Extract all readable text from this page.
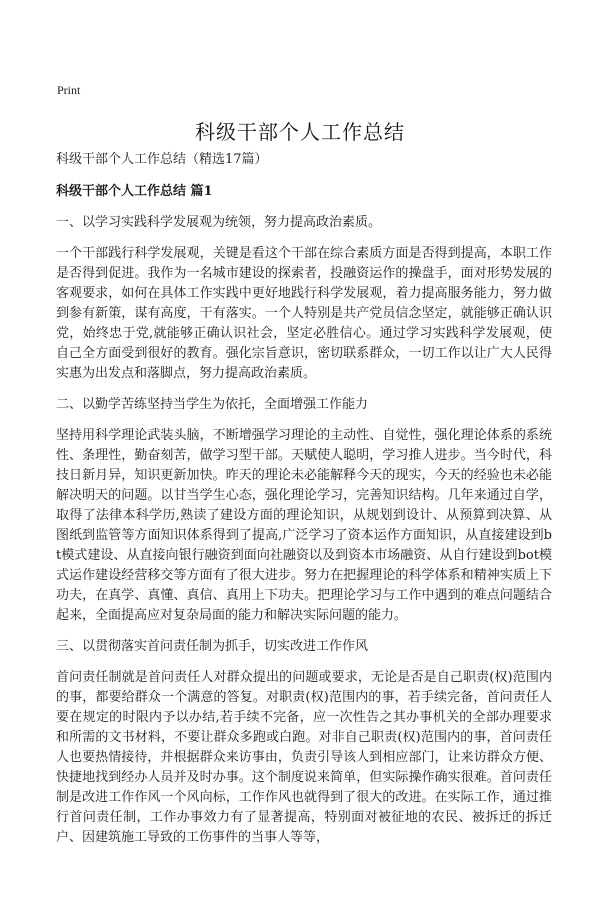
Print
科级干部个人工作总结

科级干部个人工作总结（精选17篇）

科级干部个人工作总结 篇1

一、以学习实践科学发展观为统领，努力提高政治素质。

一个干部践行科学发展观，关键是看这个干部在综合素质方面是否得到提高，本职工作是否得到促进。我作为一名城市建设的探索者，投融资运作的操盘手，面对形势发展的客观要求，如何在具体工作实践中更好地践行科学发展观，着力提高服务能力，努力做到参有新策，谋有高度，干有落实。一个人特别是共产党员信念坚定，就能够正确认识党，始终忠于党,就能够正确认识社会，坚定必胜信心。通过学习实践科学发展观，使自己全方面受到很好的教育。强化宗旨意识，密切联系群众，一切工作以让广大人民得实惠为出发点和落脚点，努力提高政治素质。

二、以勤学苦练坚持当学生为依托，全面增强工作能力

坚持用科学理论武装头脑，不断增强学习理论的主动性、自觉性，强化理论体系的系统性、条理性，勤奋刻苦，做学习型干部。天赋使人聪明，学习推人进步。当今时代，科技日新月异，知识更新加快。昨天的理论未必能解释今天的现实，今天的经验也未必能解决明天的问题。以甘当学生心态，强化理论学习，完善知识结构。几年来通过自学，取得了法律本科学历,熟读了建设方面的理论知识，从规划到设计、从预算到决算、从图纸到监管等方面知识体系得到了提高,广泛学习了资本运作方面知识，从直接建设到bt模式建设、从直接向银行融资到面向社融资以及到资本市场融资、从自行建设到bot模式运作建设经营移交等方面有了很大进步。努力在把握理论的科学体系和精神实质上下功夫，在真学、真懂、真信、真用上下功夫。把理论学习与工作中遇到的难点问题结合起来，全面提高应对复杂局面的能力和解决实际问题的能力。

三、以贯彻落实首问责任制为抓手，切实改进工作作风

首问责任制就是首问责任人对群众提出的问题或要求，无论是否是自己职责(权)范围内的事，都要给群众一个满意的答复。对职责(权)范围内的事，若手续完备，首问责任人要在规定的时限内予以办结,若手续不完备，应一次性告之其办事机关的全部办理要求和所需的文书材料，不要让群众多跑或白跑。对非自己职责(权)范围内的事，首问责任人也要热情接待，并根据群众来访事由，负责引导该人到相应部门，让来访群众方便、快捷地找到经办人员并及时办事。这个制度说来简单，但实际操作确实很难。首问责任制是改进工作作风一个风向标，工作作风也就得到了很大的改进。在实际工作，通过推行首问责任制，工作办事效力有了显著提高，特别面对被征地的农民、被拆迁的拆迁户、因建筑施工导致的工伤事件的当事人等等，
